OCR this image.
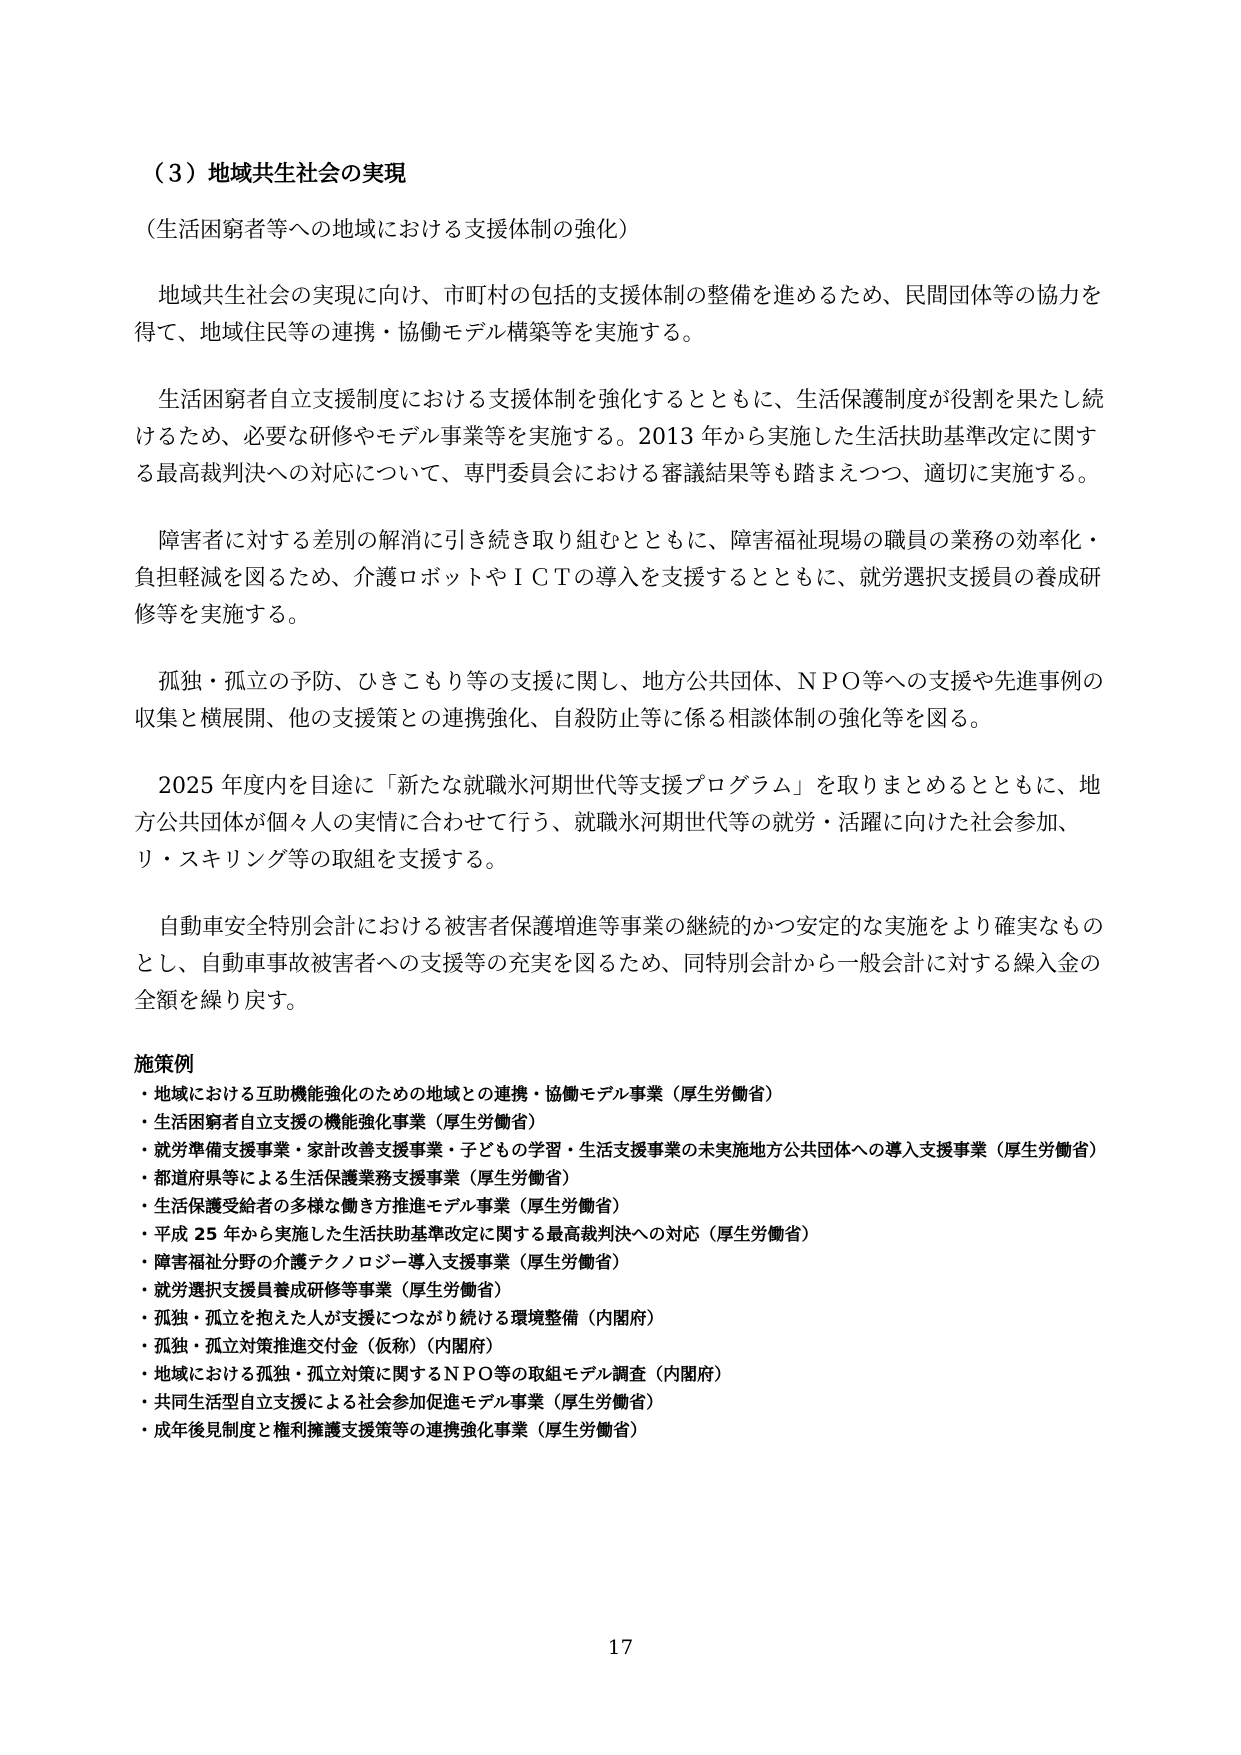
（３）地域共生社会の実現

（生活困窮者等への地域における支援体制の強化）

地域共生社会の実現に向け、市町村の包括的支援体制の整備を進めるため、民間団体等の協力を得て、地域住民等の連携・協働モデル構築等を実施する。

生活困窮者自立支援制度における支援体制を強化するとともに、生活保護制度が役割を果たし続けるため、必要な研修やモデル事業等を実施する。2013 年から実施した生活扶助基準改定に関する最高裁判決への対応について、専門委員会における審議結果等も踏まえつつ、適切に実施する。

障害者に対する差別の解消に引き続き取り組むとともに、障害福祉現場の職員の業務の効率化・負担軽減を図るため、介護ロボットやＩＣＴの導入を支援するとともに、就労選択支援員の養成研修等を実施する。

孤独・孤立の予防、ひきこもり等の支援に関し、地方公共団体、ＮＰＯ等への支援や先進事例の収集と横展開、他の支援策との連携強化、自殺防止等に係る相談体制の強化等を図る。

2025 年度内を目途に「新たな就職氷河期世代等支援プログラム」を取りまとめるとともに、地方公共団体が個々人の実情に合わせて行う、就職氷河期世代等の就労・活躍に向けた社会参加、リ・スキリング等の取組を支援する。

自動車安全特別会計における被害者保護増進等事業の継続的かつ安定的な実施をより確実なものとし、自動車事故被害者への支援等の充実を図るため、同特別会計から一般会計に対する繰入金の全額を繰り戻す。

施策例
・ 地域における互助機能強化のための地域との連携・協働モデル事業（厚生労働省）
・ 生活困窮者自立支援の機能強化事業（厚生労働省）
・ 就労準備支援事業・家計改善支援事業・子どもの学習・生活支援事業の未実施地方公共団体への導入支援事業（厚生労働省）
・ 都道府県等による生活保護業務支援事業（厚生労働省）
・ 生活保護受給者の多様な働き方推進モデル事業（厚生労働省）
・ 平成 25 年から実施した生活扶助基準改定に関する最高裁判決への対応（厚生労働省）
・ 障害福祉分野の介護テクノロジー導入支援事業（厚生労働省）
・ 就労選択支援員養成研修等事業（厚生労働省）
・ 孤独・孤立を抱えた人が支援につながり続ける環境整備（内閣府）
・ 孤独・孤立対策推進交付金（仮称）（内閣府）
・ 地域における孤独・孤立対策に関するＮＰＯ等の取組モデル調査（内閣府）
・ 共同生活型自立支援による社会参加促進モデル事業（厚生労働省）
・ 成年後見制度と権利擁護支援策等の連携強化事業（厚生労働省）
17
